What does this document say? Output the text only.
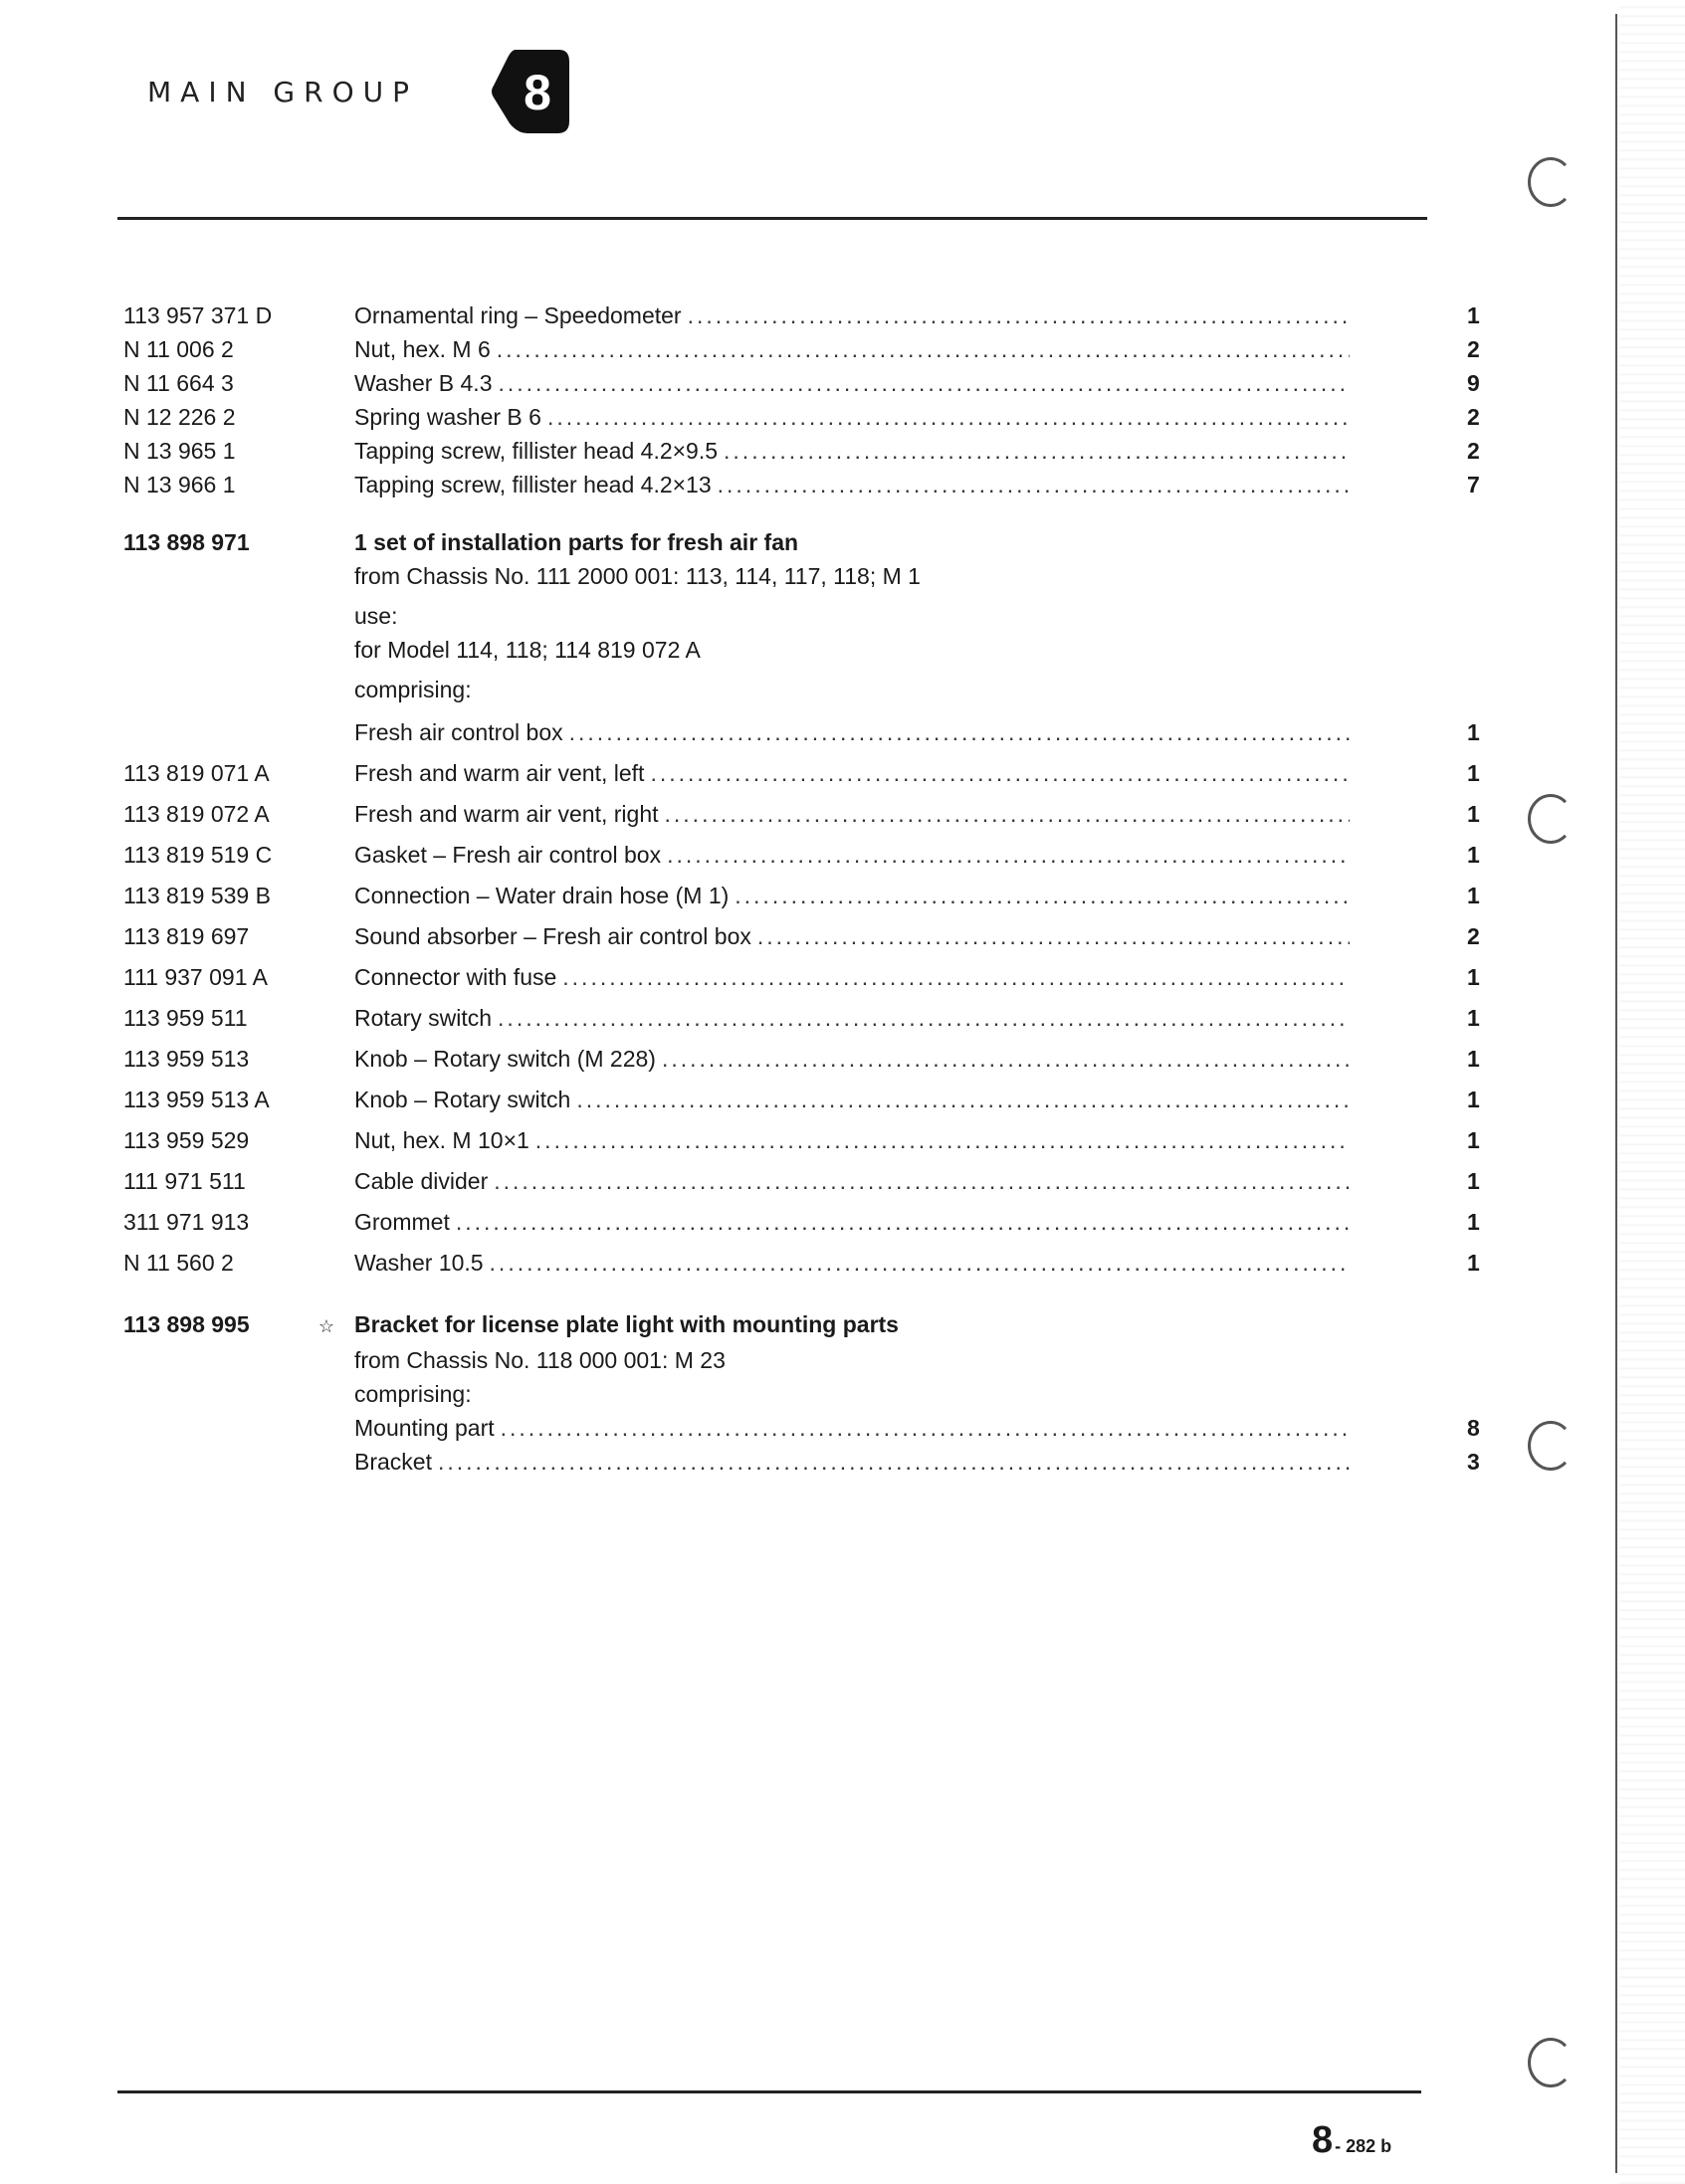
MAIN GROUP 8
113 957 371 D	Ornamental ring – Speedometer .....	1
N 11 006 2	Nut, hex. M 6 .....	2
N 11 664 3	Washer B 4.3 .....	9
N 12 226 2	Spring washer B 6 .....	2
N 13 965 1	Tapping screw, fillister head 4.2×9.5 .....	2
N 13 966 1	Tapping screw, fillister head 4.2×13 .....	7
113 898 971	1 set of installation parts for fresh air fan
from Chassis No. 111 2000 001: 113, 114, 117, 118; M 1
use:
for Model 114, 118; 114 819 072 A
comprising:
Fresh air control box .....	1
113 819 071 A	Fresh and warm air vent, left .....	1
113 819 072 A	Fresh and warm air vent, right .....	1
113 819 519 C	Gasket – Fresh air control box .....	1
113 819 539 B	Connection – Water drain hose (M 1) .....	1
113 819 697	Sound absorber – Fresh air control box .....	2
111 937 091 A	Connector with fuse .....	1
113 959 511	Rotary switch .....	1
113 959 513	Knob – Rotary switch (M 228) .....	1
113 959 513 A	Knob – Rotary switch .....	1
113 959 529	Nut, hex. M 10×1 .....	1
111 971 511	Cable divider .....	1
311 971 913	Grommet .....	1
N 11 560 2	Washer 10.5 .....	1
113 898 995	☆ Bracket for license plate light with mounting parts
from Chassis No. 118 000 001: M 23
comprising:
Mounting part .....	8
Bracket .....	3
8 - 282 b
